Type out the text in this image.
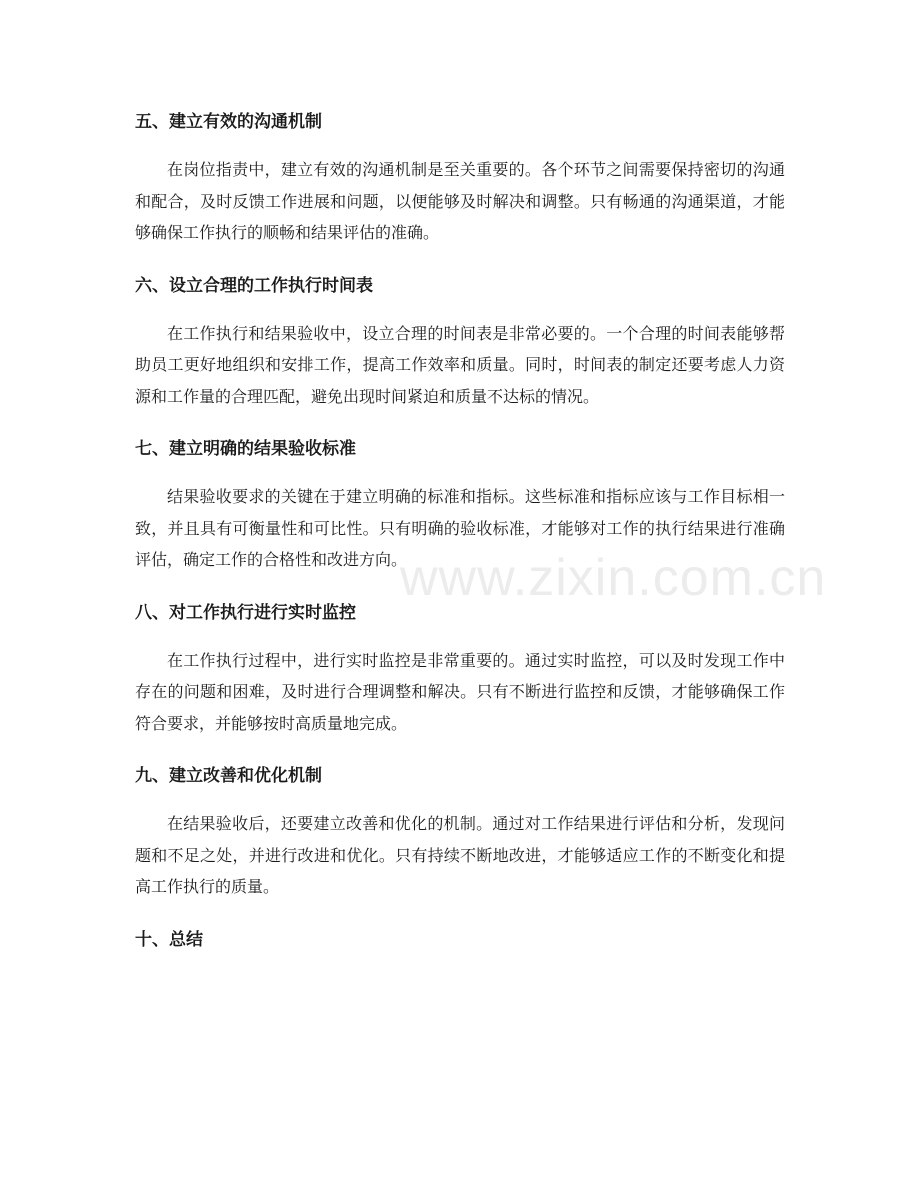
五、建立有效的沟通机制

在岗位指责中，建立有效的沟通机制是至关重要的。各个环节之间需要保持密切的沟通和配合，及时反馈工作进展和问题，以便能够及时解决和调整。只有畅通的沟通渠道，才能够确保工作执行的顺畅和结果评估的准确。

六、设立合理的工作执行时间表

在工作执行和结果验收中，设立合理的时间表是非常必要的。一个合理的时间表能够帮助员工更好地组织和安排工作，提高工作效率和质量。同时，时间表的制定还要考虑人力资源和工作量的合理匹配，避免出现时间紧迫和质量不达标的情况。

七、建立明确的结果验收标准

结果验收要求的关键在于建立明确的标准和指标。这些标准和指标应该与工作目标相一致，并且具有可衡量性和可比性。只有明确的验收标准，才能够对工作的执行结果进行准确评估，确定工作的合格性和改进方向。

八、对工作执行进行实时监控

在工作执行过程中，进行实时监控是非常重要的。通过实时监控，可以及时发现工作中存在的问题和困难，及时进行合理调整和解决。只有不断进行监控和反馈，才能够确保工作符合要求，并能够按时高质量地完成。

九、建立改善和优化机制

在结果验收后，还要建立改善和优化的机制。通过对工作结果进行评估和分析，发现问题和不足之处，并进行改进和优化。只有持续不断地改进，才能够适应工作的不断变化和提高工作执行的质量。

十、总结
www.zixin.com.cn
